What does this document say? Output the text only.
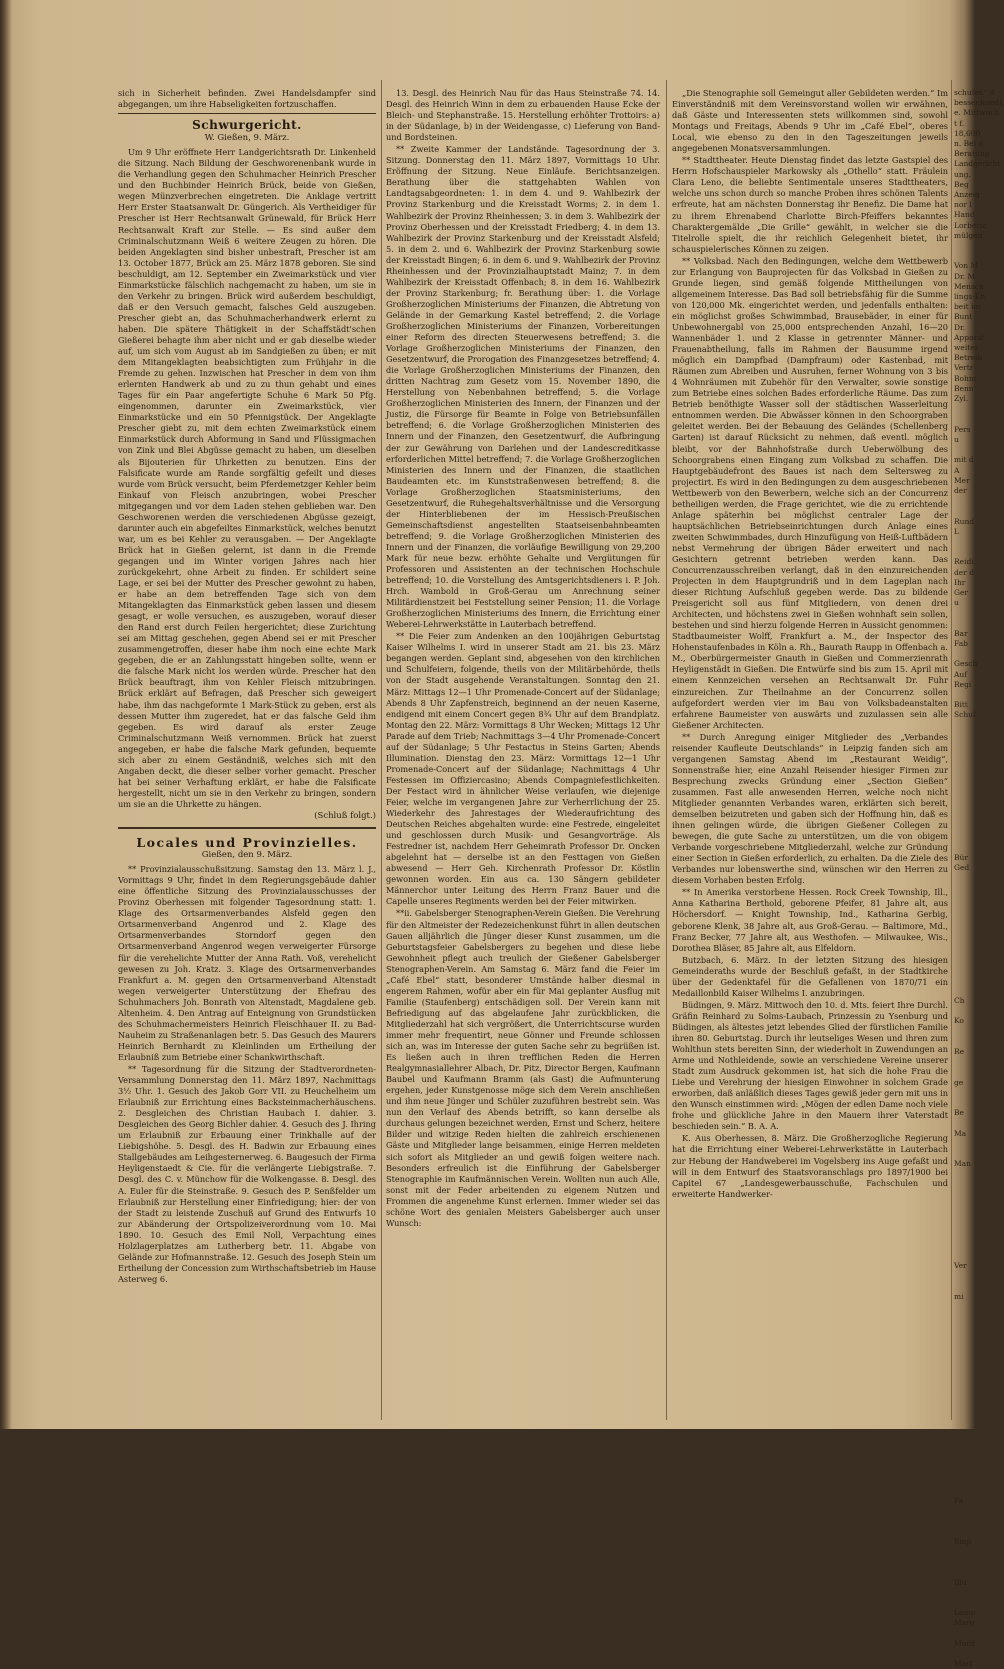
sich in Sicherheit befinden. Zwei Handelsdampfer sind abgegangen, um ihre Habseligkeiten fortzuschaffen.

Schwurgericht.
W. Gießen, 9. März.

Um 9 Uhr eröffnete Herr Landgerichtsrath Dr. Linkenheld die Sitzung. Nach Bildung der Geschworenenbank wurde in die Verhandlung gegen den Schuhmacher Heinrich Prescher und den Buchbinder Heinrich Brück, beide von Gießen, wegen Münzverbrechen eingetreten. Die Anklage vertritt Herr Erster Staatsanwalt Dr. Güngerich. Als Vertheidiger für Prescher ist Herr Rechtsanwalt Grünewald, für Brück Herr Rechtsanwalt Kraft zur Stelle. — Es sind außer dem Criminalschutzmann Weiß 6 weitere Zeugen zu hören. Die beiden Angeklagten sind bisher unbestraft, Prescher ist am 13. October 1877, Brück am 25. März 1878 geboren. Sie sind beschuldigt, am 12. September ein Zweimarkstück und vier Einmarkstücke fälschlich nachgemacht zu haben, um sie in den Verkehr zu bringen. Brück wird außerdem beschuldigt, daß er den Versuch gemacht, falsches Geld auszugeben. Prescher giebt an, das Schuhmacherhandwerk erlernt zu haben. Die spätere Thätigkeit in der Schaffstädt'schen Gießerei behagte ihm aber nicht und er gab dieselbe wieder auf, um sich vom August ab im Sandgießen zu üben; er mit dem Mitangeklagten beabsichtigten zum Frühjahr in die Fremde zu gehen. Inzwischen hat Prescher in dem von ihm erlernten Handwerk ab und zu zu thun gehabt und eines Tages für ein Paar angefertigte Schuhe 6 Mark 50 Pfg. eingenommen, darunter ein Zweimarkstück, vier Einmarkstücke und ein 50 Pfennigstück. Der Angeklagte Prescher giebt zu, mit dem echten Zweimarkstück einem Einmarkstück durch Abformung in Sand und Flüssigmachen von Zink und Blei Abgüsse gemacht zu haben, um dieselben als Bijouterien für Uhrketten zu benutzen. Eins der Falsificate wurde am Rande sorgfältig gefeilt und dieses wurde vom Brück versucht, beim Pferdemetzger Kehler beim Einkauf von Fleisch anzubringen, wobei Prescher mitgegangen und vor dem Laden stehen geblieben war. Den Geschworenen werden die verschiedenen Abgüsse gezeigt, darunter auch ein abgefeiltes Einmarkstück, welches benutzt war, um es bei Kehler zu verausgaben. — Der Angeklagte Brück hat in Gießen gelernt, ist dann in die Fremde gegangen und im Winter vorigen Jahres nach hier zurückgekehrt, ohne Arbeit zu finden. Er schildert seine Lage, er sei bei der Mutter des Prescher gewohnt zu haben, er habe an dem betreffenden Tage sich von dem Mitangeklagten das Einmarkstück geben lassen und diesem gesagt, er wolle versuchen, es auszugeben, worauf dieser den Rand erst durch Feilen hergerichtet; diese Zurichtung sei am Mittag geschehen, gegen Abend sei er mit Prescher zusammengetroffen, dieser habe ihm noch eine echte Mark gegeben, die er an Zahlungsstatt hingeben sollte, wenn er die falsche Mark nicht los werden würde. Prescher hat den Brück beauftragt, ihm von Kehler Fleisch mitzubringen. Brück erklärt auf Befragen, daß Prescher sich geweigert habe, ihm das nachgeformte 1 Mark-Stück zu geben, erst als dessen Mutter ihm zugeredet, hat er das falsche Geld ihm gegeben. Es wird darauf als erster Zeuge Criminalschutzmann Weiß vernommen. Brück hat zuerst angegeben, er habe die falsche Mark gefunden, bequemte sich aber zu einem Geständniß, welches sich mit den Angaben deckt, die dieser selber vorher gemacht. Prescher hat bei seiner Verhaftung erklärt, er habe die Falsificate hergestellt, nicht um sie in den Verkehr zu bringen, sondern um sie an die Uhrkette zu hängen.

(Schluß folgt.)
Locales und Provinzielles.
Gießen, den 9. März.

** Provinzialausschußsitzung. Samstag den 13. März l. J., Vormittags 9 Uhr, findet in dem Regierungsgebäude dahier eine öffentliche Sitzung des Provinzialausschusses der Provinz Oberhessen mit folgender Tagesordnung statt: 1. Klage des Ortsarmenverbandes Alsfeld gegen den Ortsarmenverband Angenrod und 2. Klage des Ortsarmenverbandes Storndorf gegen den Ortsarmenverband Angenrod wegen verweigerter Fürsorge für die verehelichte Mutter der Anna Rath. Voß, verehelicht gewesen zu Joh. Kratz. 3. Klage des Ortsarmenverbandes Frankfurt a. M. gegen den Ortsarmenverband Altenstadt wegen verweigerter Unterstützung der Ehefrau des Schuhmachers Joh. Bonrath von Altenstadt, Magdalene geb. Altenheim. 4. Den Antrag auf Enteignung von Grundstücken des Schuhmachermeisters Heinrich Fleischhauer II. zu Bad-Nauheim zu Straßenanlagen betr. 5. Das Gesuch des Maurers Heinrich Bernhardt zu Kleinlinden um Ertheilung der Erlaubniß zum Betriebe einer Schankwirthschaft.

** Tagesordnung für die Sitzung der Stadtverordneten-Versammlung Donnerstag den 11. März 1897, Nachmittags 3½ Uhr. 1. Gesuch des Jakob Gorr VII. zu Heuchelheim um Erlaubniß zur Errichtung eines Backsteinmacherhäuschens. 2. Desgleichen des Christian Haubach I. dahier. 3. Desgleichen des Georg Bichler dahier. 4. Gesuch des J. Ihring um Erlaubniß zur Erbauung einer Trinkhalle auf der Liebigshöhe. 5. Desgl. des H. Badwin zur Erbauung eines Stallgebäudes am Leihgesternerweg. 6. Baugesuch der Firma Heyligenstaedt & Cie. für die verlängerte Liebigstraße. 7. Desgl. des C. v. Münchow für die Wolkengasse. 8. Desgl. des A. Euler für die Steinstraße. 9. Gesuch des P. Senßfelder um Erlaubniß zur Herstellung einer Einfriedigung; hier: der von der Stadt zu leistende Zuschuß auf Grund des Entwurfs 10 zur Abänderung der Ortspolizeiverordnung vom 10. Mai 1890. 10. Gesuch des Emil Noll, Verpachtung eines Holzlagerplatzes am Lutherberg betr. 11. Abgabe von Gelände zur Hofmannstraße. 12. Gesuch des Joseph Stein um Ertheilung der Concession zum Wirthschaftsbetrieb im Hause Asterweg 6.

13. Desgl. des Heinrich Nau für das Haus Steinstraße 74. 14. Desgl. des Heinrich Winn in dem zu erbauenden Hause Ecke der Bleich- und Stephanstraße. 15. Herstellung erhöhter Trottoirs: a) in der Südanlage, b) in der Weidengasse, c) Lieferung von Band- und Bordsteinen.

** Zweite Kammer der Landstände. Tagesordnung der 3. Sitzung. Donnerstag den 11. März 1897, Vormittags 10 Uhr. Eröffnung der Sitzung. Neue Einläufe. Berichtsanzeigen. Berathung über die stattgehabten Wahlen von Landtagsabgeordneten: 1. in dem 4. und 9. Wahlbezirk der Provinz Starkenburg und die Kreisstadt Worms; 2. in dem 1. Wahlbezirk der Provinz Rheinhessen; 3. in dem 3. Wahlbezirk der Provinz Oberhessen und der Kreisstadt Friedberg; 4. in dem 13. Wahlbezirk der Provinz Starkenburg und der Kreisstadt Alsfeld; 5. in dem 2. und 6. Wahlbezirk der Provinz Starkenburg sowie der Kreisstadt Bingen; 6. in dem 6. und 9. Wahlbezirk der Provinz Rheinhessen und der Provinzialhauptstadt Mainz; 7. in dem Wahlbezirk der Kreisstadt Offenbach; 8. in dem 16. Wahlbezirk der Provinz Starkenburg; fr. Berathung über: 1. die Vorlage Großherzoglichen Ministeriums der Finanzen, die Abtretung von Gelände in der Gemarkung Kastel betreffend; 2. die Vorlage Großherzoglichen Ministeriums der Finanzen, Vorbereitungen einer Reform des directen Steuerwesens betreffend; 3. die Vorlage Großherzoglichen Ministeriums der Finanzen, den Gesetzentwurf, die Prorogation des Finanzgesetzes betreffend; 4. die Vorlage Großherzoglichen Ministeriums der Finanzen, den dritten Nachtrag zum Gesetz vom 15. November 1890, die Herstellung von Nebenbahnen betreffend; 5. die Vorlage Großherzoglichen Ministerien des Innern, der Finanzen und der Justiz, die Fürsorge für Beamte in Folge von Betriebsunfällen betreffend; 6. die Vorlage Großherzoglichen Ministerien des Innern und der Finanzen, den Gesetzentwurf, die Aufbringung der zur Gewährung von Darlehen und der Landescreditkasse erforderlichen Mittel betreffend; 7. die Vorlage Großherzoglichen Ministerien des Innern und der Finanzen, die staatlichen Baudeamten etc. im Kunststraßenwesen betreffend; 8. die Vorlage Großherzoglichen Staatsministeriums, den Gesetzentwurf, die Ruhegehaltsverhältnisse und die Versorgung der Hinterbliebenen der im Hessisch-Preußischen Gemeinschaftsdienst angestellten Staatseisenbahnbeamten betreffend; 9. die Vorlage Großherzoglichen Ministerien des Innern und der Finanzen, die vorläufige Bewilligung von 29,200 Mark für neue bezw. erhöhte Gehalte und Vergütungen für Professoren und Assistenten an der technischen Hochschule betreffend; 10. die Vorstellung des Amtsgerichtsdieners i. P. Joh. Hrch. Wambold in Groß-Gerau um Anrechnung seiner Militärdienstzeit bei Feststellung seiner Pension; 11. die Vorlage Großherzoglichen Ministeriums des Innern, die Errichtung einer Weberei-Lehrwerkstätte in Lauterbach betreffend.

** Die Feier zum Andenken an den 100jährigen Geburtstag Kaiser Wilhelms I. wird in unserer Stadt am 21. bis 23. März begangen werden. Geplant sind, abgesehen von den kirchlichen und Schulfeiern, folgende, theils von der Militärbehörde, theils von der Stadt ausgehende Veranstaltungen. Sonntag den 21. März: Mittags 12—1 Uhr Promenade-Concert auf der Südanlage; Abends 8 Uhr Zapfenstreich, beginnend an der neuen Kaserne, endigend mit einem Concert gegen 8¾ Uhr auf dem Brandplatz. Montag den 22. März: Vormittags 8 Uhr Wecken; Mittags 12 Uhr Parade auf dem Trieb; Nachmittags 3—4 Uhr Promenade-Concert auf der Südanlage; 5 Uhr Festactus in Steins Garten; Abends Illumination. Dienstag den 23. März: Vormittags 12—1 Uhr Promenade-Concert auf der Südanlage; Nachmittags 4 Uhr Festessen im Offiziercasino; Abends Compagniefestlichkeiten. Der Festact wird in ähnlicher Weise verlaufen, wie diejenige Feier, welche im vergangenen Jahre zur Verherrlichung der 25. Wiederkehr des Jahrestages der Wiederaufrichtung des Deutschen Reiches abgehalten wurde: eine Festrede, eingeleitet und geschlossen durch Musik- und Gesangvorträge. Als Festredner ist, nachdem Herr Geheimrath Professor Dr. Oncken abgelehnt hat — derselbe ist an den Festtagen von Gießen abwesend — Herr Geh. Kirchenrath Professor Dr. Köstlin gewonnen worden. Ein aus ca. 130 Sängern gebildeter Männerchor unter Leitung des Herrn Franz Bauer und die Capelle unseres Regiments werden bei der Feier mitwirken.

**ii. Gabelsberger Stenographen-Verein Gießen. Die Verehrung für den Altmeister der Redezeichenkunst führt in allen deutschen Gauen alljährlich die Jünger dieser Kunst zusammen, um die Geburtstagsfeier Gabelsbergers zu begehen und diese liebe Gewohnheit pflegt auch treulich der Gießener Gabelsberger Stenographen-Verein. Am Samstag 6. März fand die Feier im „Café Ebel“ statt, besonderer Umstände halber diesmal in engerem Rahmen, wofür aber ein für Mai geplanter Ausflug mit Familie (Staufenberg) entschädigen soll. Der Verein kann mit Befriedigung auf das abgelaufene Jahr zurückblicken, die Mitgliederzahl hat sich vergrößert, die Unterrichtscurse wurden immer mehr frequentirt, neue Gönner und Freunde schlossen sich an, was im Interesse der guten Sache sehr zu begrüßen ist. Es ließen auch in ihren trefflichen Reden die Herren Realgymnasiallehrer Albach, Dr. Pitz, Director Bergen, Kaufmann Baubel und Kaufmann Bramm (als Gast) die Aufmunterung ergehen, jeder Kunstgenosse möge sich dem Verein anschließen und ihm neue Jünger und Schüler zuzuführen bestrebt sein. Was nun den Verlauf des Abends betrifft, so kann derselbe als durchaus gelungen bezeichnet werden, Ernst und Scherz, heitere Bilder und witzige Reden hielten die zahlreich erschienenen Gäste und Mitglieder lange beisammen, einige Herren meldeten sich sofort als Mitglieder an und gewiß folgen weitere nach. Besonders erfreulich ist die Einführung der Gabelsberger Stenographie im Kaufmännischen Verein. Wollten nun auch Alle, sonst mit der Feder arbeitenden zu eigenem Nutzen und Frommen die angenehme Kunst erlernen. Immer wieder sei das schöne Wort des genialen Meisters Gabelsberger auch unser Wunsch:

„Die Stenographie soll Gemeingut aller Gebildeten werden.“ Im Einverständniß mit dem Vereinsvorstand wollen wir erwähnen, daß Gäste und Interessenten stets willkommen sind, sowohl Montags und Freitags, Abends 9 Uhr im „Café Ebel“, oberes Local, wie ebenso zu den in den Tageszeitungen jeweils angegebenen Monatsversammlungen.

** Stadttheater. Heute Dienstag findet das letzte Gastspiel des Herrn Hofschauspieler Markowsky als „Othello“ statt. Fräulein Clara Leno, die beliebte Sentimentale unseres Stadttheaters, welche uns schon durch so manche Proben ihres schönen Talents erfreute, hat am nächsten Donnerstag ihr Benefiz. Die Dame hat zu ihrem Ehrenabend Charlotte Birch-Pfeiffers bekanntes Charaktergemälde „Die Grille“ gewählt, in welcher sie die Titelrolle spielt, die ihr reichlich Gelegenheit bietet, ihr schauspielerisches Können zu zeigen.

** Volksbad. Nach den Bedingungen, welche dem Wettbewerb zur Erlangung von Bauprojecten für das Volksbad in Gießen zu Grunde liegen, sind gemäß folgende Mittheilungen von allgemeinem Interesse. Das Bad soll betriebsfähig für die Summe von 120,000 Mk. eingerichtet werden, und jedenfalls enthalten: ein möglichst großes Schwimmbad, Brausebäder, in einer für Unbewohnergabl von 25,000 entsprechenden Anzahl, 16—20 Wannenbäder 1. und 2 Klasse in getrennter Männer- und Frauenabtheilung, falls im Rahmen der Bausumme irgend möglich ein Dampfbad (Dampfraum) oder Kastenbad, mit Räumen zum Abreiben und Ausruhen, ferner Wohnung von 3 bis 4 Wohnräumen mit Zubehör für den Verwalter, sowie sonstige zum Betriebe eines solchen Bades erforderliche Räume. Das zum Betrieb benöthigte Wasser soll der städtischen Wasserleitung entnommen werden. Die Abwässer können in den Schoorgraben geleitet werden. Bei der Bebauung des Geländes (Schellenberg Garten) ist darauf Rücksicht zu nehmen, daß eventl. möglich bleibt, vor der Bahnhofstraße durch Ueberwölbung des Schoorgrabens einen Eingang zum Volksbad zu schaffen. Die Hauptgebäudefront des Baues ist nach dem Seltersweg zu projectirt. Es wird in den Bedingungen zu dem ausgeschriebenen Wettbewerb von den Bewerbern, welche sich an der Concurrenz betheiligen werden, die Frage gerichtet, wie die zu errichtende Anlage späterhin bei möglichst centraler Lage der hauptsächlichen Betriebseinrichtungen durch Anlage eines zweiten Schwimmbades, durch Hinzufügung von Heiß-Luftbädern nebst Vermehrung der übrigen Bäder erweitert und nach Gesichtern getrennt betrieben werden kann. Das Concurrenzausschreiben verlangt, daß in den einzureichenden Projecten in dem Hauptgrundriß und in dem Lageplan nach dieser Richtung Aufschluß gegeben werde. Das zu bildende Preisgericht soll aus fünf Mitgliedern, von denen drei Architecten, und höchstens zwei in Gießen wohnhaft sein sollen, bestehen und sind hierzu folgende Herren in Aussicht genommen: Stadtbaumeister Wolff, Frankfurt a. M., der Inspector des Hohenstaufenbades in Köln a. Rh., Baurath Raupp in Offenbach a. M., Oberbürgermeister Gnauth in Gießen und Commerzienrath Heyligenstädt in Gießen. Die Entwürfe sind bis zum 15. April mit einem Kennzeichen versehen an Rechtsanwalt Dr. Fuhr einzureichen. Zur Theilnahme an der Concurrenz sollen aufgefordert werden vier im Bau von Volksbadeanstalten erfahrene Baumeister von auswärts und zuzulassen sein alle Gießener Architecten.

** Durch Anregung einiger Mitglieder des „Verbandes reisender Kaufleute Deutschlands“ in Leipzig fanden sich am vergangenen Samstag Abend im „Restaurant Weidig“, Sonnenstraße hier, eine Anzahl Reisender hiesiger Firmen zur Besprechung zwecks Gründung einer „Section Gießen“ zusammen. Fast alle anwesenden Herren, welche noch nicht Mitglieder genannten Verbandes waren, erklärten sich bereit, demselben beizutreten und gaben sich der Hoffnung hin, daß es ihnen gelingen würde, die übrigen Gießener Collegen zu bewegen, die gute Sache zu unterstützen, um die von obigem Verbande vorgeschriebene Mitgliederzahl, welche zur Gründung einer Section in Gießen erforderlich, zu erhalten. Da die Ziele des Verbandes nur lobenswerthe sind, wünschen wir den Herren zu diesem Vorhaben besten Erfolg.

** In Amerika verstorbene Hessen. Rock Creek Township, Ill., Anna Katharina Berthold, geborene Pfeifer, 81 Jahre alt, aus Höchersdorf. — Knight Township, Ind., Katharina Gerbig, geborene Klenk, 38 Jahre alt, aus Groß-Gerau. — Baltimore, Md., Franz Becker, 77 Jahre alt, aus Westhofen. — Milwaukee, Wis., Dorothea Bläser, 85 Jahre alt, aus Elfeldorn.

Butzbach, 6. März. In der letzten Sitzung des hiesigen Gemeinderaths wurde der Beschluß gefaßt, in der Stadtkirche über der Gedenktafel für die Gefallenen von 1870/71 ein Medaillonbild Kaiser Wilhelms I. anzubringen.

Büdingen, 9. März. Mittwoch den 10. d. Mts. feiert Ihre Durchl. Gräfin Reinhard zu Solms-Laubach, Prinzessin zu Ysenburg und Büdingen, als ältestes jetzt lebendes Glied der fürstlichen Familie ihren 80. Geburtstag. Durch ihr leutseliges Wesen und ihren zum Wohlthun stets bereiten Sinn, der wiederholt in Zuwendungen an Arme und Nothleidende, sowie an verschiedene Vereine unserer Stadt zum Ausdruck gekommen ist, hat sich die hohe Frau die Liebe und Verehrung der hiesigen Einwohner in solchem Grade erworben, daß anläßlich dieses Tages gewiß jeder gern mit uns in den Wunsch einstimmen wird: „Mögen der edlen Dame noch viele frohe und glückliche Jahre in den Mauern ihrer Vaterstadt beschieden sein.“ B. A. A.

K. Aus Oberhessen, 8. März. Die Großherzogliche Regierung hat die Errichtung einer Weberei-Lehrwerkstätte in Lauterbach zur Hebung der Handweberei im Vogelsberg ins Auge gefaßt und will in dem Entwurf des Staatsvoranschlags pro 1897/1900 bei Capitel 67 „Landesgewerbausschuße, Fachschulen und erweiterte Handwerker-

schulen“ d
bessenkundl.
e. Mittwoch
t f.
18,600
n. Bei d
Beratung
Landgericht
ung.
Beg
Anzeig
nor l
Hand
Lorberic
mülgen

Von M
Dr. M
Mensch
lings-Eh
beit im
Bunt
Dr.
Apparat
weiter
Betreib
Vertr
Bohm
Benn
Zyl.

Pers
u

mit d
A
Mer
der

Rund
L

Reidi
der d
Ihr
Ger
u

Bar
Fab

Gesch
Auf
Regi

Bitt
Schul

Bür
Ged

Ch

Ko

Re

ge

Be

Ma

Man

Ver

mi

Fa

Emp

Illu

Lamp
Marg

Morit

Marf
